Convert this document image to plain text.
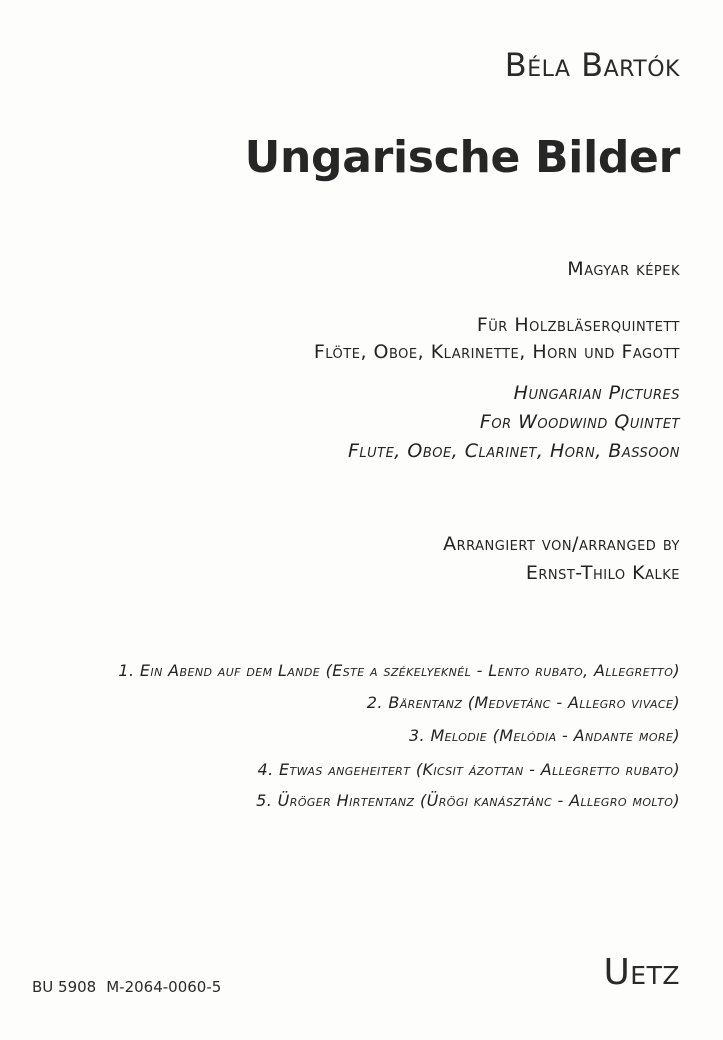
Béla Bartók
Ungarische Bilder
Magyar képek
Für Holzbläserquintett
Flöte, Oboe, Klarinette, Horn und Fagott
Hungarian Pictures
For Woodwind Quintet
Flute, Oboe, Clarinet, Horn, Bassoon
Arrangiert von/arranged by
Ernst-Thilo Kalke
1. Ein Abend auf dem Lande (Este a székelyeknél - Lento rubato, Allegretto)
2. Bärentanz (Medvetánc - Allegro vivace)
3. Melodie (Melódia - Andante more)
4. Etwas angeheitert (Kicsit ázottan - Allegretto rubato)
5. Üröger Hirtentanz (Ürögi kanásztánc - Allegro molto)
BU 5908 M-2064-0060-5	Uetz
